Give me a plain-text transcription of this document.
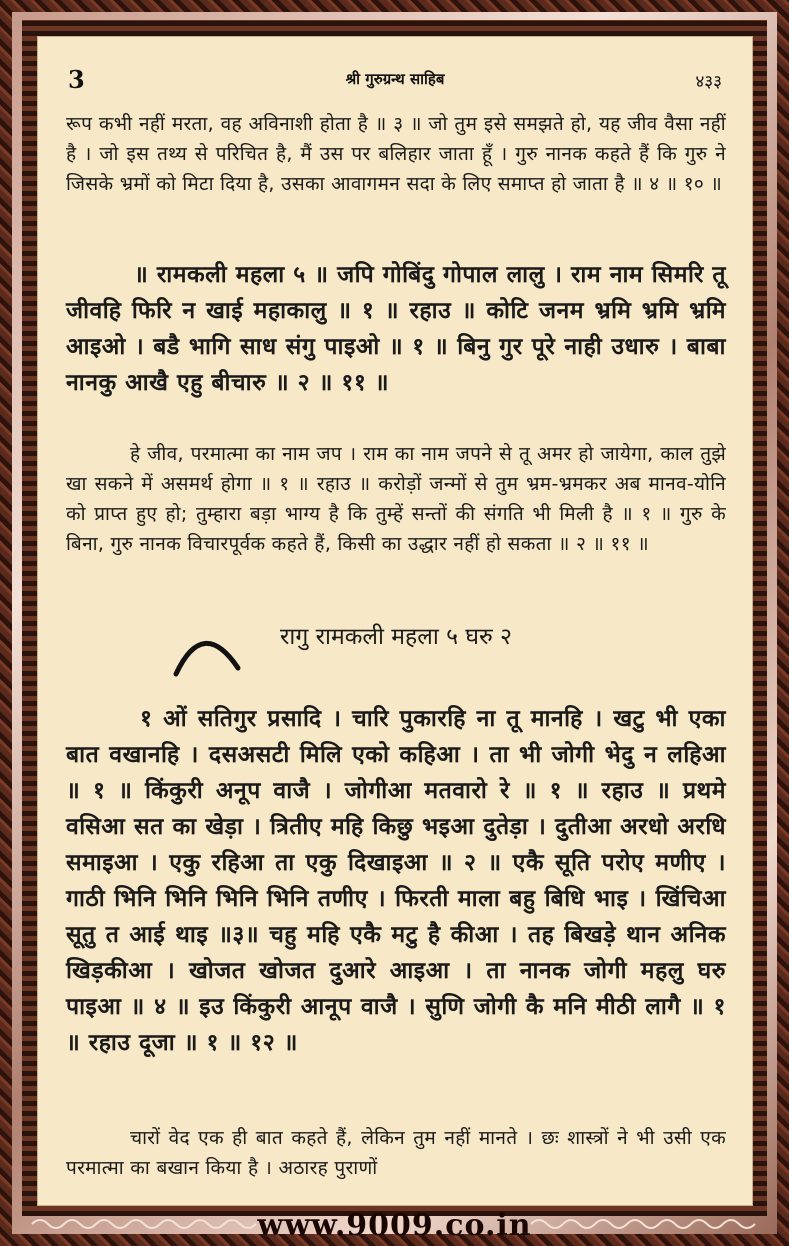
3	श्री गुरुग्रन्थ साहिब	४३३
रूप कभी नहीं मरता, वह अविनाशी होता है ॥ ३ ॥ जो तुम इसे समझते हो, यह जीव वैसा नहीं है । जो इस तथ्य से परिचित है, मैं उस पर बलिहार जाता हूँ । गुरु नानक कहते हैं कि गुरु ने जिसके भ्रमों को मिटा दिया है, उसका आवागमन सदा के लिए समाप्त हो जाता है ॥ ४ ॥ १० ॥
॥ रामकली महला ५ ॥ जपि गोबिंदु गोपाल लालु । राम नाम सिमरि तू जीवहि फिरि न खाई महाकालु ॥ १ ॥ रहाउ ॥ कोटि जनम भ्रमि भ्रमि भ्रमि आइओ । बडै भागि साध संगु पाइओ ॥ १ ॥ बिनु गुर पूरे नाही उधारु । बाबा नानकु आखै एहु बीचारु ॥ २ ॥ ११ ॥
हे जीव, परमात्मा का नाम जप । राम का नाम जपने से तू अमर हो जायेगा, काल तुझे खा सकने में असमर्थ होगा ॥ १ ॥ रहाउ ॥ करोड़ों जन्मों से तुम भ्रम-भ्रमकर अब मानव-योनि को प्राप्त हुए हो; तुम्हारा बड़ा भाग्य है कि तुम्हें सन्तों की संगति भी मिली है ॥ १ ॥ गुरु के बिना, गुरु नानक विचारपूर्वक कहते हैं, किसी का उद्धार नहीं हो सकता ॥ २ ॥ ११ ॥
रागु रामकली महला ५ घरु २
१ ओं सतिगुर प्रसादि । चारि पुकारहि ना तू मानहि । खटु भी एका बात वखानहि । दसअसटी मिलि एको कहिआ । ता भी जोगी भेदु न लहिआ ॥ १ ॥ किंकुरी अनूप वाजै । जोगीआ मतवारो रे ॥ १ ॥ रहाउ ॥ प्रथमे वसिआ सत का खेड़ा । त्रितीए महि किछु भइआ दुतेड़ा । दुतीआ अरधो अरधि समाइआ । एकु रहिआ ता एकु दिखाइआ ॥ २ ॥ एकै सूति परोए मणीए । गाठी भिनि भिनि भिनि भिनि तणीए । फिरती माला बहु बिधि भाइ । खिंचिआ सूतु त आई थाइ ॥३॥ चहु महि एकै मटु है कीआ । तह बिखड़े थान अनिक खिड़कीआ । खोजत खोजत दुआरे आइआ । ता नानक जोगी महलु घरु पाइआ ॥ ४ ॥ इउ किंकुरी आनूप वाजै । सुणि जोगी कै मनि मीठी लागै ॥ १ ॥ रहाउ दूजा ॥ १ ॥ १२ ॥
चारों वेद एक ही बात कहते हैं, लेकिन तुम नहीं मानते । छः शास्त्रों ने भी उसी एक परमात्मा का बखान किया है । अठारह पुराणों
www.9009.co.in
